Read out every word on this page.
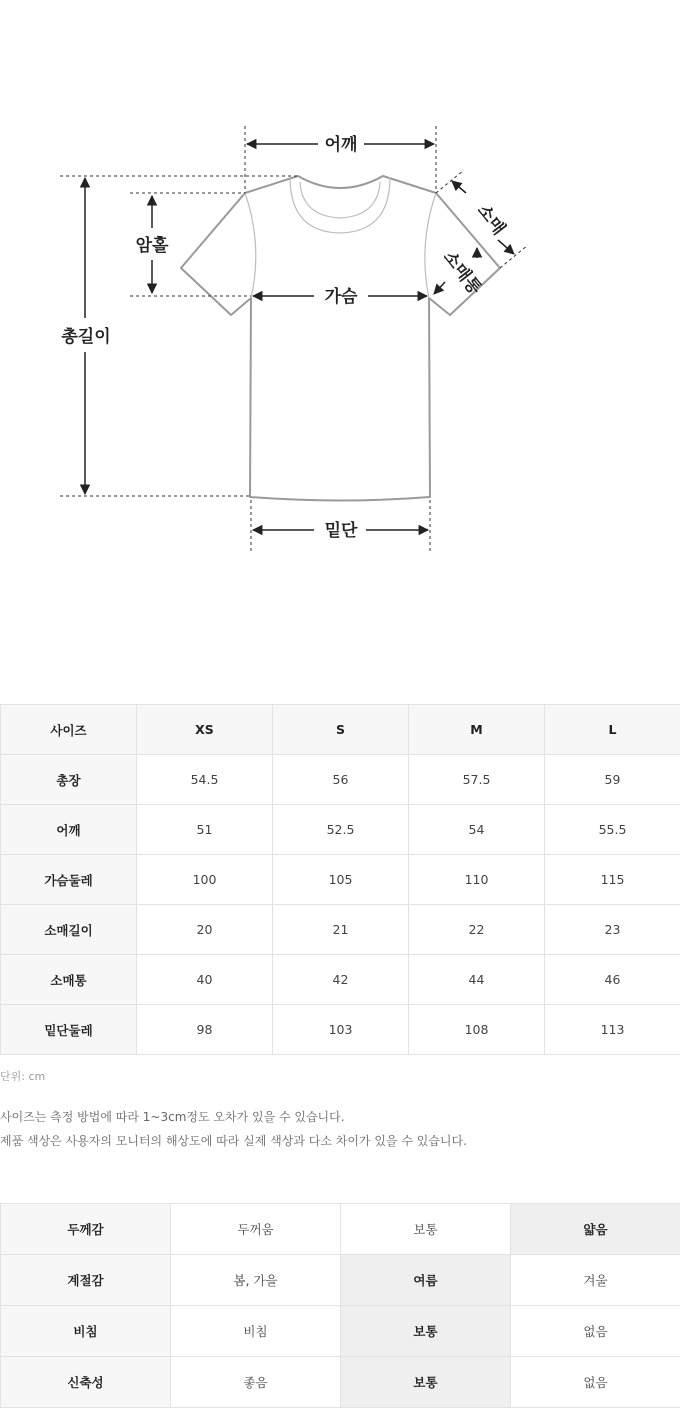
어깨
암홀
총길이
가슴
밑단
소매
소매통
사이즈	XS	S	M	L
총장	54.5	56	57.5	59
어깨	51	52.5	54	55.5
가슴둘레	100	105	110	115
소매길이	20	21	22	23
소매통	40	42	44	46
밑단둘레	98	103	108	113
단위: cm
사이즈는 측정 방법에 따라 1~3cm정도 오차가 있을 수 있습니다.
제품 색상은 사용자의 모니터의 해상도에 따라 실제 색상과 다소 차이가 있을 수 있습니다.
두께감	두꺼움	보통	얇음
계절감	봄, 가을	여름	겨울
비침	비침	보통	없음
신축성	좋음	보통	없음
